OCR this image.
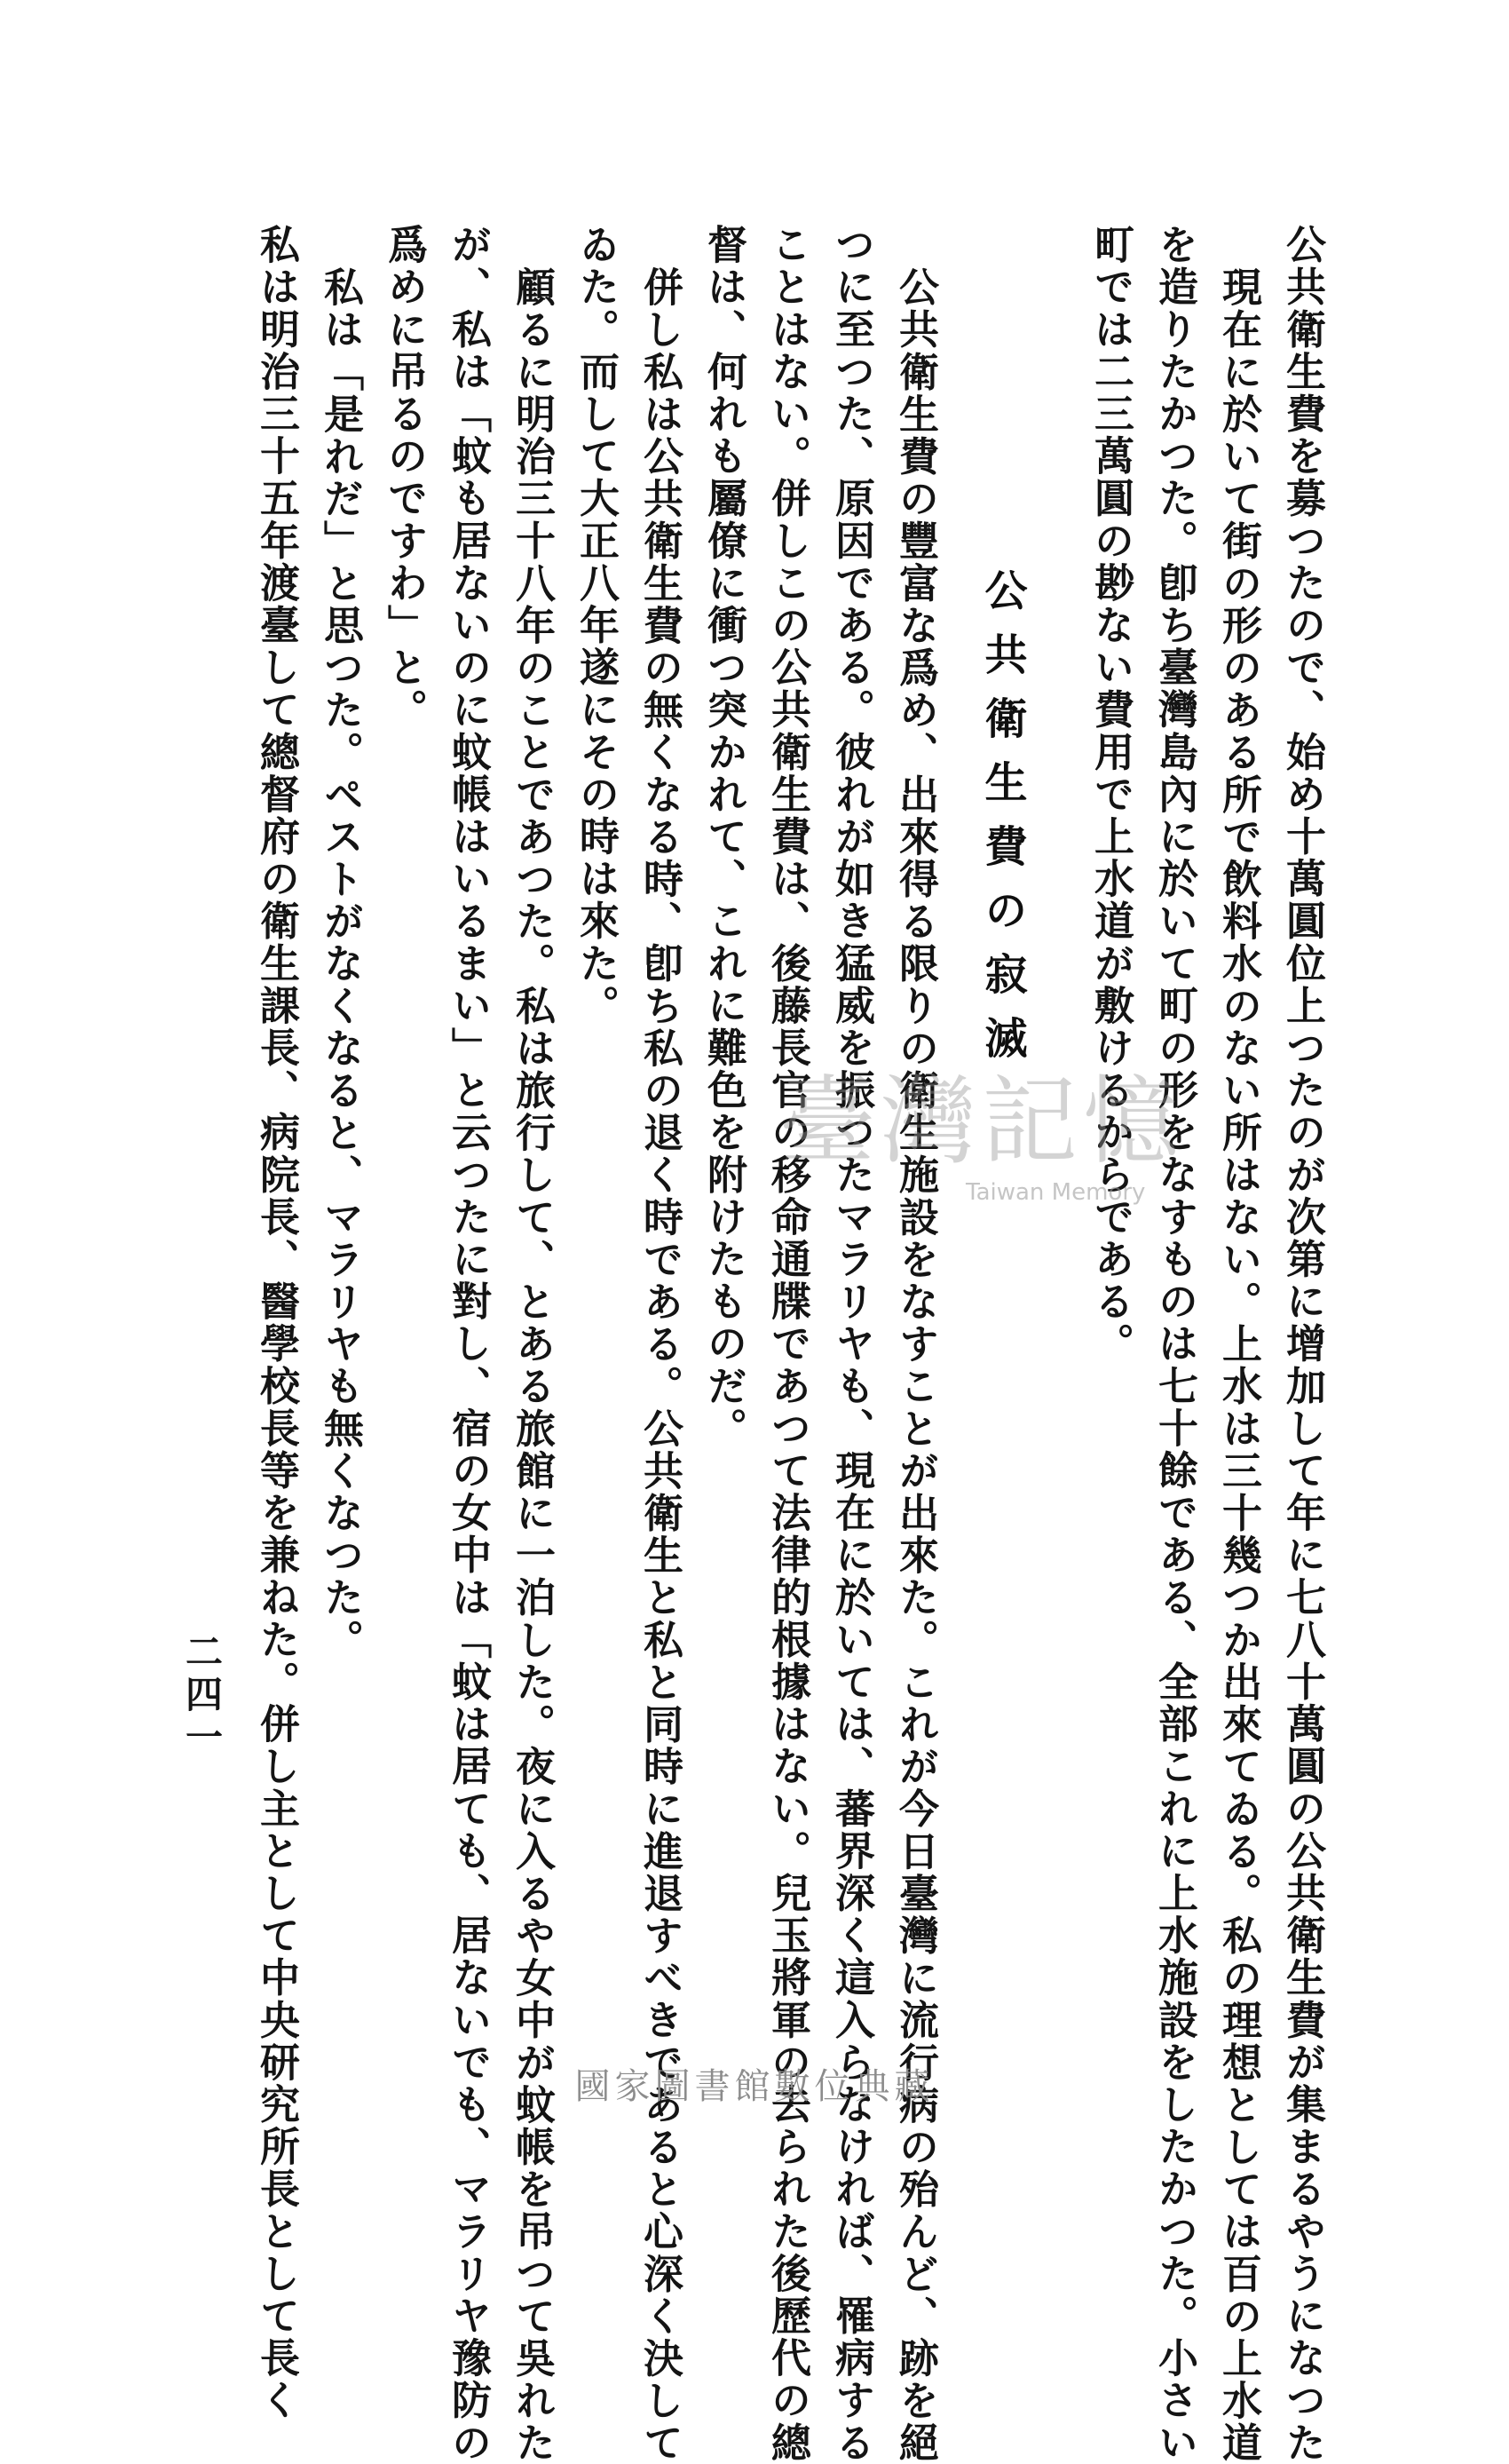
公共衛生費を募つたので、始め十萬圓位上つたのが次第に增加して年に七八十萬圓の公共衛生費が集まるやうになつた
現在に於いて街の形のある所で飲料水のない所はない。上水は三十幾つか出來てゐる。私の理想としては百の上水道
を造りたかつた。卽ち臺灣島內に於いて町の形をなすものは七十餘である、全部これに上水施設をしたかつた。小さい
町では二三萬圓の尠ない費用で上水道が敷けるからである。
公共衛生費の寂滅
公共衛生費の豐富な爲め、出來得る限りの衛生施設をなすことが出來た。これが今日臺灣に流行病の殆んど、跡を絕
つに至つた、原因である。彼れが如き猛威を振つたマラリヤも、現在に於いては、蕃界深く這入らなければ、罹病する
ことはない。併しこの公共衛生費は、後藤長官の移命通牒であつて法律的根據はない。兒玉將軍の去られた後歷代の總
督は、何れも屬僚に衝つ突かれて、これに難色を附けたものだ。
併し私は公共衛生費の無くなる時、卽ち私の退く時である。公共衛生と私と同時に進退すべきであると心深く決して
ゐた。而して大正八年遂にその時は來た。
顧るに明治三十八年のことであつた。私は旅行して、とある旅館に一泊した。夜に入るや女中が蚊帳を吊つて吳れた
が、私は「蚊も居ないのに蚊帳はいるまい」と云つたに對し、宿の女中は「蚊は居ても、居ないでも、マラリヤ豫防の
爲めに吊るのですわ」と。
私は「是れだ」と思つた。ペストがなくなると、マラリヤも無くなつた。
私は明治三十五年渡臺して總督府の衛生課長、病院長、醫學校長等を兼ねた。併し主として中央研究所長として長く
二四一
臺灣記憶
Taiwan Memory
國家圖書館數位典藏
